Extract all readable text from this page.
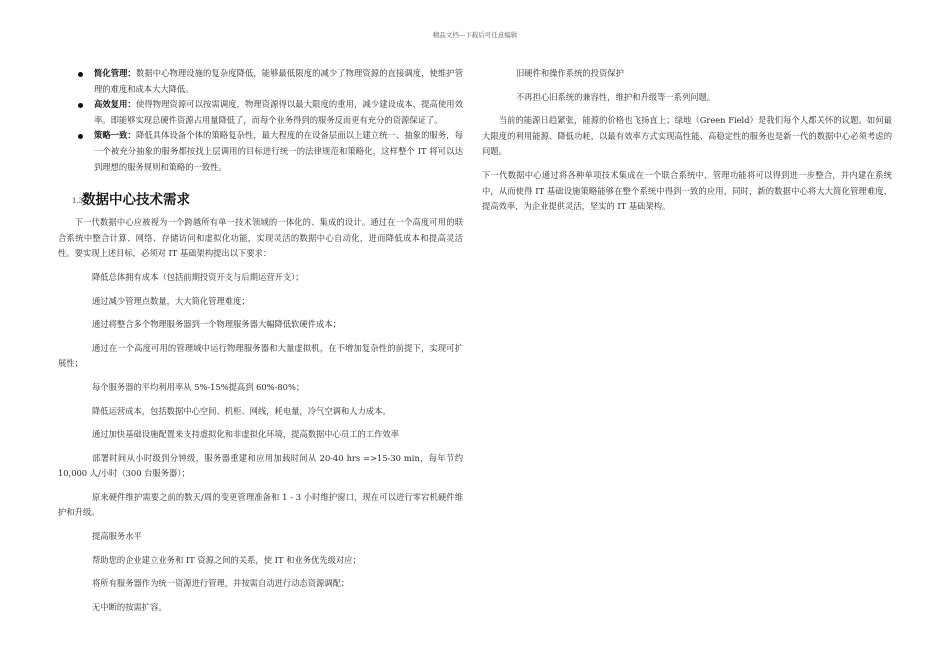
精品文档---下载后可任意编辑
简化管理：数据中心物理设施的复杂度降低，能够最低限度的减少了物理资源的直接调度，使维护管理的难度和成本大大降低。
高效复用：使得物理资源可以按需调度，物理资源得以最大限度的重用，减少建设成本，提高使用效率。即能够实现总硬件资源占用量降低了，而每个业务得到的服务反而更有充分的资源保证了。
策略一致：降低具体设备个体的策略复杂性，最大程度的在设备层面以上建立统一、抽象的服务，每一个被充分抽象的服务都按找上层调用的目标进行统一的法律规范和策略化，这样整个 IT 将可以达到理想的服务规则和策略的一致性。
1.3
数据中心技术需求

下一代数据中心应被视为一个跨越所有单一技术领域的一体化的、集成的设计。通过在一个高度可用的联合系统中整合计算、网络、存储访问和虚拟化功能，实现灵活的数据中心自动化，进而降低成本和提高灵活性。要实现上述目标，必须对 IT 基础架构提出以下要求：

降低总体拥有成本（包括前期投资开支与后期运营开支）；

通过减少管理点数量，大大简化管理难度；

通过将整合多个物理服务器到一个物理服务器大幅降低软硬件成本；

通过在一个高度可用的管理域中运行物理服务器和大量虚拟机，在不增加复杂性的前提下，实现可扩展性；

每个服务器的平均利用率从 5%-15%提高到 60%-80%；

降低运营成本，包括数据中心空间、机柜、网线，耗电量，冷气空调和人力成本。

通过加快基础设施配置来支持虚拟化和非虚拟化环境，提高数据中心员工的工作效率

部署时间从小时级到分钟级，服务器重建和应用加载时间从 20-40 hrs =>15-30 min，每年节约 10,000 人/小时（300 台服务器）；

原来硬件维护需要之前的数天/周的变更管理准备和 1 - 3 小时维护窗口，现在可以进行零宕机硬件维护和升级。

提高服务水平

帮助您的企业建立业务和 IT 资源之间的关系，使 IT 和业务优先级对应；

将所有服务器作为统一资源进行管理，并按需自动进行动态资源调配；

无中断的按需扩容。

旧硬件和操作系统的投资保护

不再担心旧系统的兼容性，维护和升级等一系列问题。

当前的能源日趋紧张，能源的价格也飞扬直上；绿地（Green Field）是我们每个人都关怀的议题。如何最大限度的利用能源、降低功耗，以最有效率方式实现高性能、高稳定性的服务也是新一代的数据中心必须考虑的问题。

下一代数据中心通过将各种单项技术集成在一个联合系统中，管理功能将可以得到进一步整合，并内建在系统中，从而使得 IT 基础设施策略能够在整个系统中得到一致的应用，同时，新的数据中心将大大简化管理难度，提高效率，为企业提供灵活，坚实的 IT 基础架构。
